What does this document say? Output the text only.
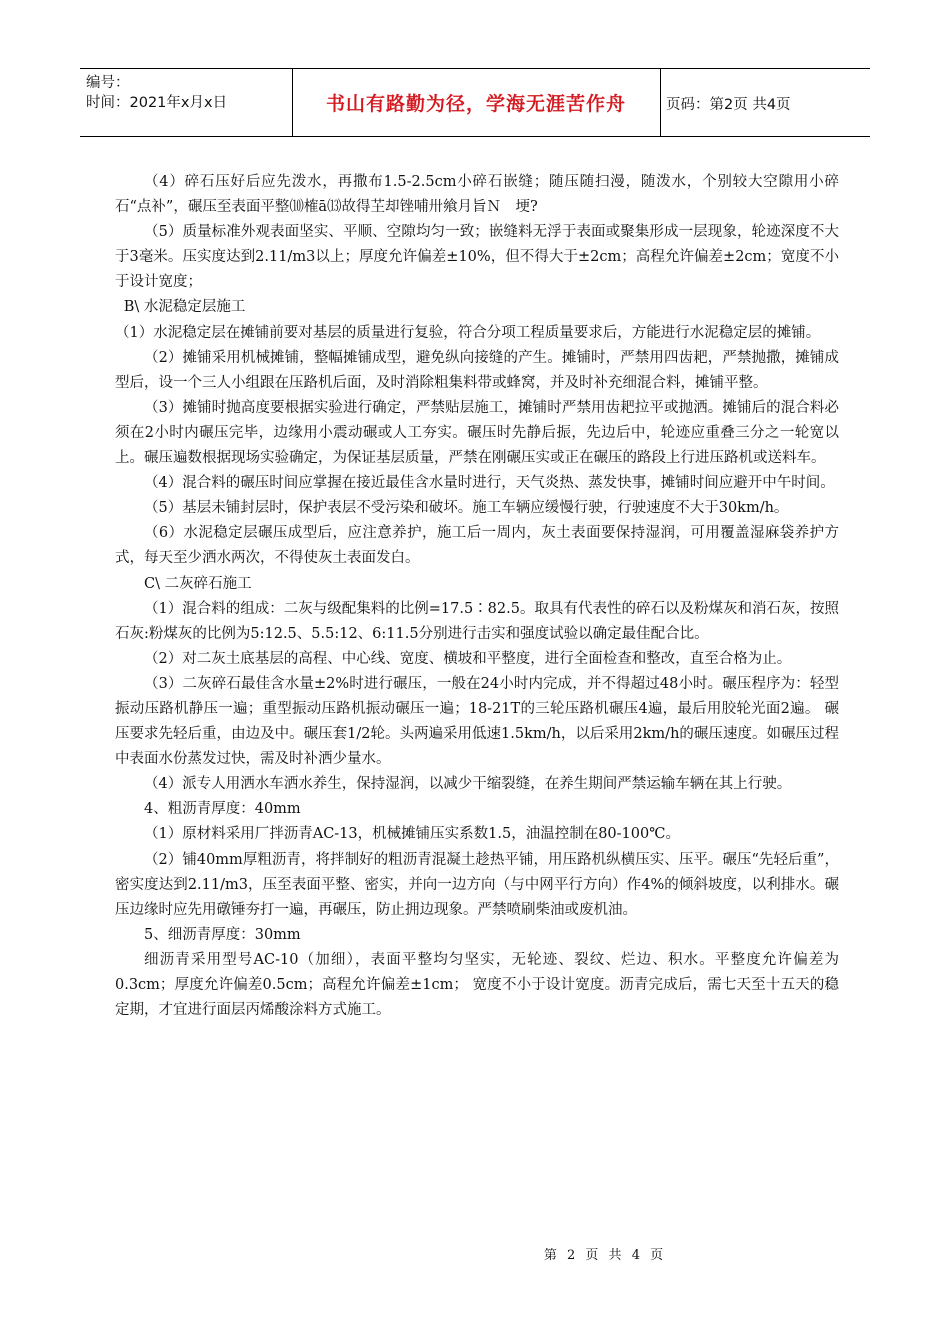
编号：
时间：2021年x月x日	书山有路勤为径，学海无涯苦作舟	页码：第2页 共4页

（4）碎石压好后应先泼水，再撒布1.5-2.5cm小碎石嵌缝；随压随扫漫，随泼水，个别较大空隙用小碎石“点补”，碾压至表面平整⑽榷ā⒀故得芏却锉哺卅飨月旨Ｎ　埂?

（5）质量标准外观表面坚实、平顺、空隙均匀一致；嵌缝料无浮于表面或聚集形成一层现象，轮迹深度不大于3毫米。压实度达到2.11/m3以上；厚度允许偏差±10%，但不得大于±2cm；高程允许偏差±2cm；宽度不小于设计宽度；

B\ 水泥稳定层施工

（1）水泥稳定层在摊铺前要对基层的质量进行复验，符合分项工程质量要求后，方能进行水泥稳定层的摊铺。

（2）摊铺采用机械摊铺，整幅摊铺成型，避免纵向接缝的产生。摊铺时，严禁用四齿耙，严禁抛撒，摊铺成型后，设一个三人小组跟在压路机后面，及时消除粗集料带或蜂窝，并及时补充细混合料，摊铺平整。

（3）摊铺时抛高度要根据实验进行确定，严禁贴层施工，摊铺时严禁用齿耙拉平或抛洒。摊铺后的混合料必须在2小时内碾压完毕，边缘用小震动碾或人工夯实。碾压时先静后振，先边后中，轮迹应重叠三分之一轮宽以上。碾压遍数根据现场实验确定，为保证基层质量，严禁在刚碾压实或正在碾压的路段上行进压路机或送料车。

（4）混合料的碾压时间应掌握在接近最佳含水量时进行，天气炎热、蒸发快事，摊铺时间应避开中午时间。

（5）基层未铺封层时，保护表层不受污染和破坏。施工车辆应缓慢行驶，行驶速度不大于30km/h。

（6）水泥稳定层碾压成型后，应注意养护，施工后一周内，灰土表面要保持湿润，可用覆盖湿麻袋养护方式，每天至少洒水两次，不得使灰土表面发白。

C\ 二灰碎石施工

（1）混合料的组成：二灰与级配集料的比例=17.5∶82.5。取具有代表性的碎石以及粉煤灰和消石灰，按照石灰:粉煤灰的比例为5:12.5、5.5:12、6:11.5分别进行击实和强度试验以确定最佳配合比。

（2）对二灰土底基层的高程、中心线、宽度、横坡和平整度，进行全面检查和整改，直至合格为止。

（3）二灰碎石最佳含水量±2%时进行碾压，一般在24小时内完成，并不得超过48小时。碾压程序为：轻型振动压路机静压一遍；重型振动压路机振动碾压一遍；18-21T的三轮压路机碾压4遍，最后用胶轮光面2遍。 碾压要求先轻后重，由边及中。碾压套1/2轮。头两遍采用低速1.5km/h，以后采用2km/h的碾压速度。如碾压过程中表面水份蒸发过快，需及时补洒少量水。

（4）派专人用洒水车洒水养生，保持湿润，以减少干缩裂缝，在养生期间严禁运输车辆在其上行驶。

4、粗沥青厚度：40mm

（1）原材料采用厂拌沥青AC-13，机械摊铺压实系数1.5，油温控制在80-100℃。

（2）铺40mm厚粗沥青，将拌制好的粗沥青混凝土趁热平铺，用压路机纵横压实、压平。碾压“先轻后重”，密实度达到2.11/m3，压至表面平整、密实，并向一边方向（与中网平行方向）作4%的倾斜坡度，以利排水。碾压边缘时应先用礅锤夯打一遍，再碾压，防止拥边现象。严禁喷刷柴油或废机油。

5、细沥青厚度：30mm

细沥青采用型号AC-10（加细），表面平整均匀坚实，无轮迹、裂纹、烂边、积水。平整度允许偏差为0.3cm；厚度允许偏差0.5cm；高程允许偏差±1cm； 宽度不小于设计宽度。沥青完成后，需七天至十五天的稳定期，才宜进行面层丙烯酸涂料方式施工。

第 2 页 共 4 页
